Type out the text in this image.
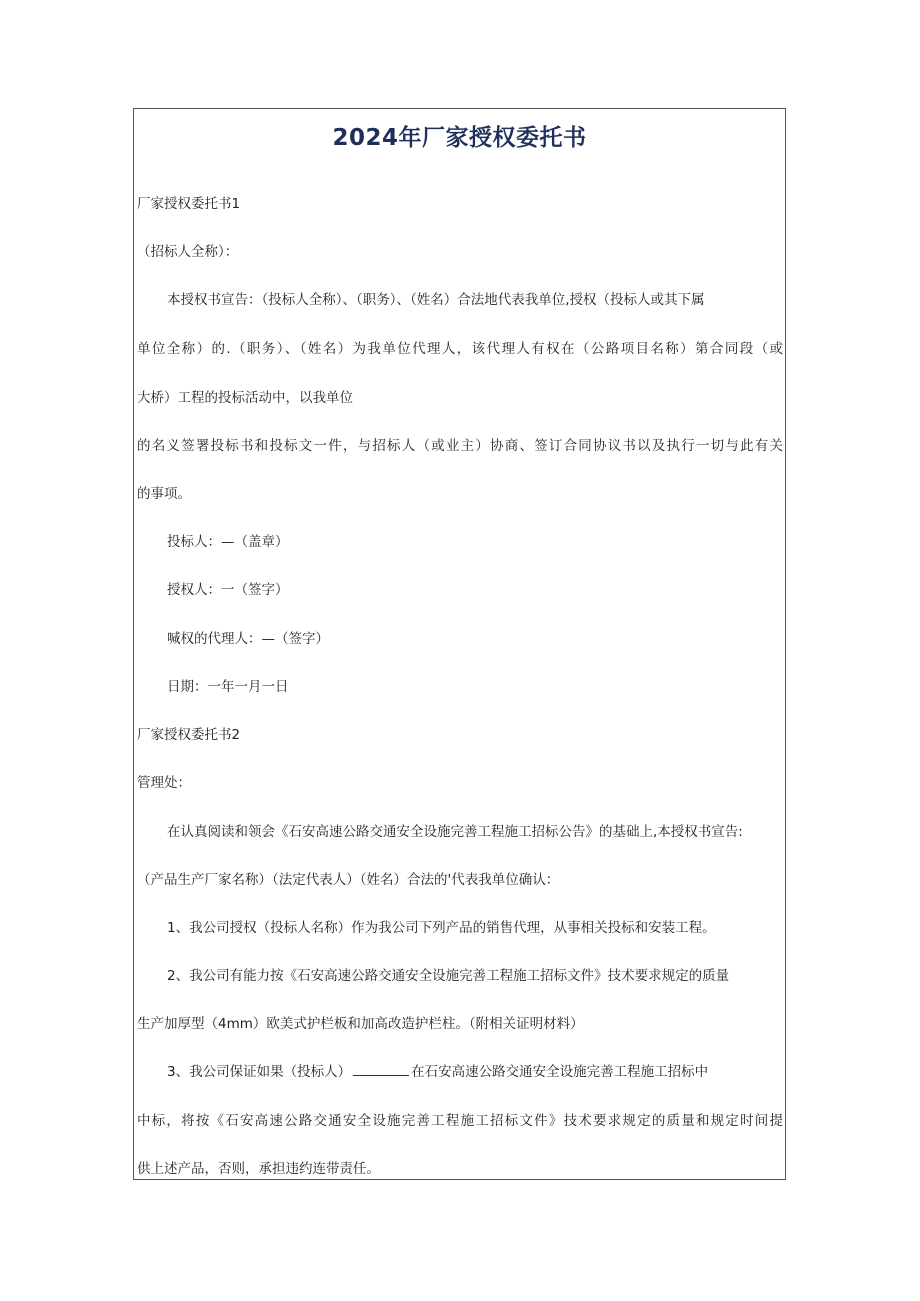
2024年厂家授权委托书
厂家授权委托书1
（招标人全称）：
本授权书宣告：（投标人全称）、（职务）、（姓名）合法地代表我单位,授权（投标人或其下属
单位全称）的.（职务）、（姓名）为我单位代理人，该代理人有权在（公路项目名称）第合同段（或
大桥）工程的投标活动中，以我单位
的名义签署投标书和投标文一件，与招标人（或业主）协商、签订合同协议书以及执行一切与此有关
的事项。
投标人：—（盖章）
授权人：一（签字）
喊权的代理人：—（签字）
日期：一年一月一日
厂家授权委托书2
管理处：
在认真阅读和领会《石安高速公路交通安全设施完善工程施工招标公告》的基础上,本授权书宣告:
（产品生产厂家名称）（法定代表人）（姓名）合法的'代表我单位确认：
1、我公司授权（投标人名称）作为我公司下列产品的销售代理，从事相关投标和安装工程。
2、我公司有能力按《石安高速公路交通安全设施完善工程施工招标文件》技术要求规定的质量
生产加厚型（4mm）欧美式护栏板和加高改造护栏柱。（附相关证明材料）
3、我公司保证如果（投标人）	在石安高速公路交通安全设施完善工程施工招标中
中标，将按《石安高速公路交通安全设施完善工程施工招标文件》技术要求规定的质量和规定时间提
供上述产品，否则，承担违约连带责任。
